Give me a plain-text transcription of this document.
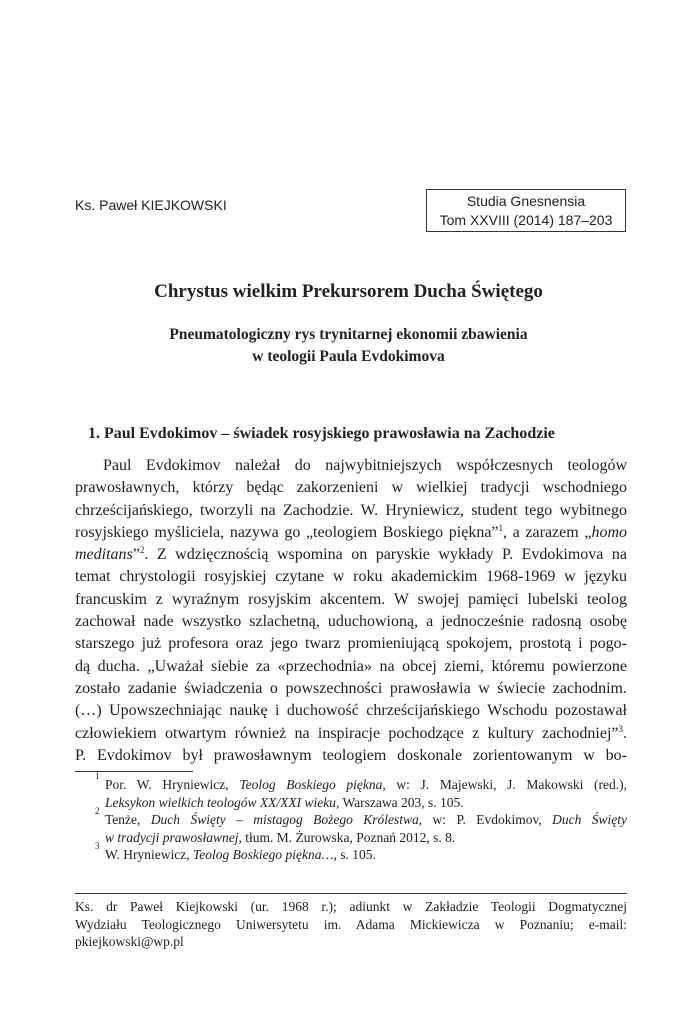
Ks. Paweł KIEJKOWSKI	Studia Gnesnensia
Tom XXVIII (2014) 187–203
Chrystus wielkim Prekursorem Ducha Świętego
Pneumatologiczny rys trynitarnej ekonomii zbawienia
w teologii Paula Evdokimova
1. Paul Evdokimov – świadek rosyjskiego prawosławia na Zachodzie
Paul Evdokimov należał do najwybitniejszych współczesnych teologów
prawosławnych, którzy będąc zakorzenieni w wielkiej tradycji wschodniego
chrześcijańskiego, tworzyli na Zachodzie. W. Hryniewicz, student tego wybitnego
rosyjskiego myśliciela, nazywa go „teologiem Boskiego piękna”$^1$, a zarazem „homo
meditans”$^2$. Z wdzięcznością wspomina on paryskie wykłady P. Evdokimova na
temat chrystologii rosyjskiej czytane w roku akademickim 1968-1969 w języku
francuskim z wyraźnym rosyjskim akcentem. W swojej pamięci lubelski teolog
zachował nade wszystko szlachetną, uduchowioną, a jednocześnie radosną osobę
starszego już profesora oraz jego twarz promieniującą spokojem, prostotą i pogo-
dą ducha. „Uważał siebie za «przechodnia» na obcej ziemi, któremu powierzone
zostało zadanie świadczenia o powszechności prawosławia w świecie zachodnim.
(…) Upowszechniając naukę i duchowość chrześcijańskiego Wschodu pozostawał
człowiekiem otwartym również na inspiracje pochodzące z kultury zachodniej”$^3$.
P. Evdokimov był prawosławnym teologiem doskonale zorientowanym w bo-
1
Por. W. Hryniewicz, Teolog Boskiego piękna, w: J. Majewski, J. Makowski (red.),
Leksykon wielkich teologów XX/XXI wieku, Warszawa 203, s. 105.
2
Tenże, Duch Święty – mistagog Bożego Królestwa, w: P. Evdokimov, Duch Święty
w tradycji prawosławnej, tłum. M. Żurowska, Poznań 2012, s. 8.
3
W. Hryniewicz, Teolog Boskiego piękna…, s. 105.
Ks. dr Paweł Kiejkowski (ur. 1968 r.); adiunkt w Zakładzie Teologii Dogmatycznej
Wydziału Teologicznego Uniwersytetu im. Adama Mickiewicza w Poznaniu; e-mail:
pkiejkowski@wp.pl
